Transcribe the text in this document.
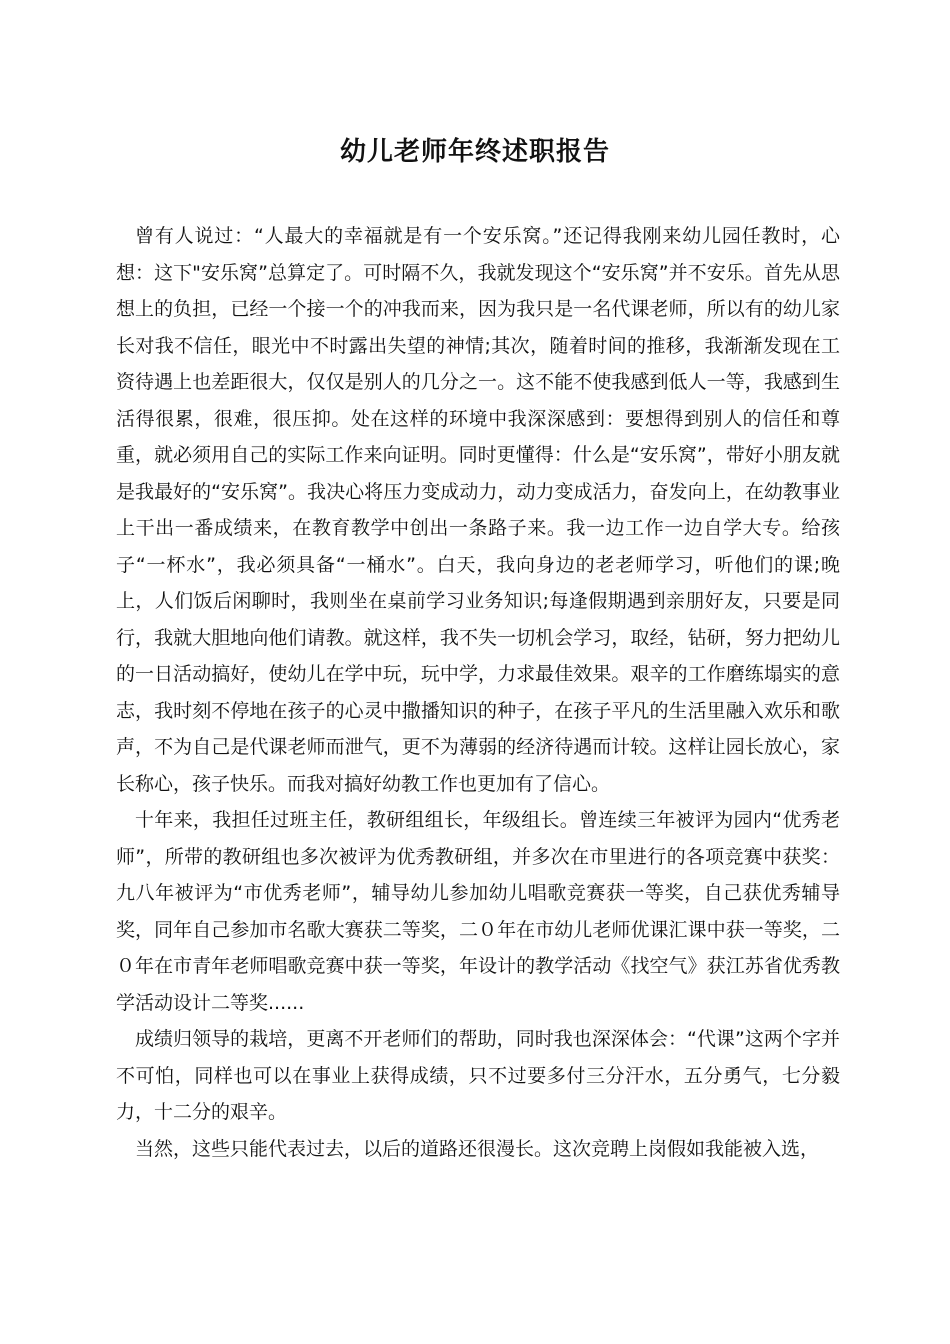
幼儿老师年终述职报告

曾有人说过：“人最大的幸福就是有一个安乐窝。”还记得我刚来幼儿园任教时，心想：这下"安乐窝”总算定了。可时隔不久，我就发现这个“安乐窝”并不安乐。首先从思想上的负担，已经一个接一个的冲我而来，因为我只是一名代课老师，所以有的幼儿家长对我不信任，眼光中不时露出失望的神情;其次，随着时间的推移，我渐渐发现在工资待遇上也差距很大，仅仅是别人的几分之一。这不能不使我感到低人一等，我感到生活得很累，很难，很压抑。处在这样的环境中我深深感到：要想得到别人的信任和尊重，就必须用自己的实际工作来向证明。同时更懂得：什么是“安乐窝”，带好小朋友就是我最好的“安乐窝”。我决心将压力变成动力，动力变成活力，奋发向上，在幼教事业上干出一番成绩来，在教育教学中创出一条路子来。我一边工作一边自学大专。给孩子“一杯水”，我必须具备“一桶水”。白天，我向身边的老老师学习，听他们的课;晚上，人们饭后闲聊时，我则坐在桌前学习业务知识;每逢假期遇到亲朋好友，只要是同行，我就大胆地向他们请教。就这样，我不失一切机会学习，取经，钻研，努力把幼儿的一日活动搞好，使幼儿在学中玩，玩中学，力求最佳效果。艰辛的工作磨练塌实的意志，我时刻不停地在孩子的心灵中撒播知识的种子，在孩子平凡的生活里融入欢乐和歌声，不为自己是代课老师而泄气，更不为薄弱的经济待遇而计较。这样让园长放心，家长称心，孩子快乐。而我对搞好幼教工作也更加有了信心。

十年来，我担任过班主任，教研组组长，年级组长。曾连续三年被评为园内“优秀老师”，所带的教研组也多次被评为优秀教研组，并多次在市里进行的各项竞赛中获奖：九八年被评为“市优秀老师”，辅导幼儿参加幼儿唱歌竞赛获一等奖，自己获优秀辅导奖，同年自己参加市名歌大赛获二等奖，二０年在市幼儿老师优课汇课中获一等奖，二０年在市青年老师唱歌竞赛中获一等奖，年设计的教学活动《找空气》获江苏省优秀教学活动设计二等奖......

成绩归领导的栽培，更离不开老师们的帮助，同时我也深深体会：“代课”这两个字并不可怕，同样也可以在事业上获得成绩，只不过要多付三分汗水，五分勇气，七分毅力，十二分的艰辛。

当然，这些只能代表过去，以后的道路还很漫长。这次竞聘上岗假如我能被入选，
